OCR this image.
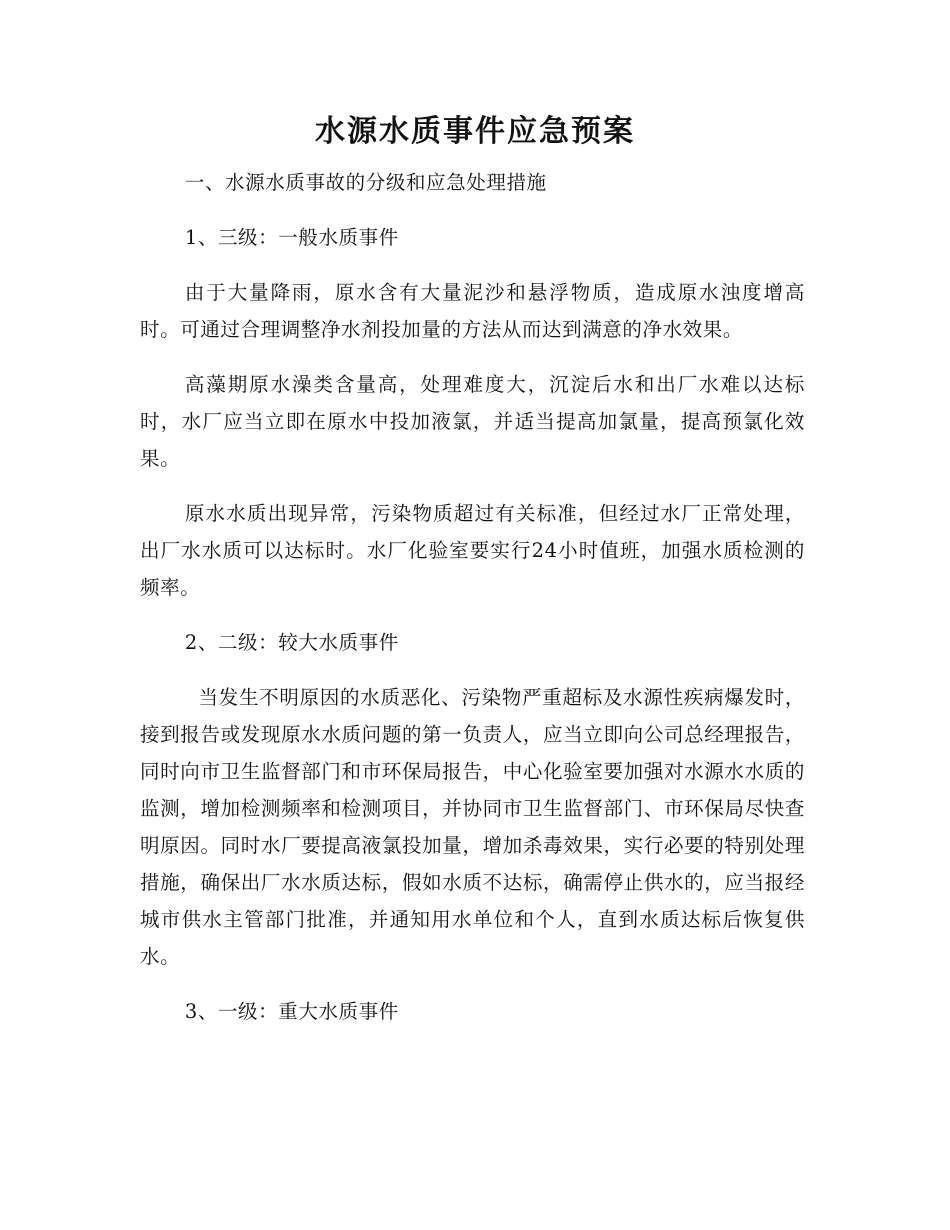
水源水质事件应急预案

一、水源水质事故的分级和应急处理措施

1、三级：一般水质事件

由于大量降雨，原水含有大量泥沙和悬浮物质，造成原水浊度增高时。可通过合理调整净水剂投加量的方法从而达到满意的净水效果。

高藻期原水澡类含量高，处理难度大，沉淀后水和出厂水难以达标时，水厂应当立即在原水中投加液氯，并适当提高加氯量，提高预氯化效果。

原水水质出现异常，污染物质超过有关标准，但经过水厂正常处理，出厂水水质可以达标时。水厂化验室要实行24小时值班，加强水质检测的频率。

2、二级：较大水质事件

当发生不明原因的水质恶化、污染物严重超标及水源性疾病爆发时，接到报告或发现原水水质问题的第一负责人，应当立即向公司总经理报告，同时向市卫生监督部门和市环保局报告，中心化验室要加强对水源水水质的监测，增加检测频率和检测项目，并协同市卫生监督部门、市环保局尽快查明原因。同时水厂要提高液氯投加量，增加杀毒效果，实行必要的特别处理措施，确保出厂水水质达标，假如水质不达标，确需停止供水的，应当报经城市供水主管部门批准，并通知用水单位和个人，直到水质达标后恢复供水。

3、一级：重大水质事件
